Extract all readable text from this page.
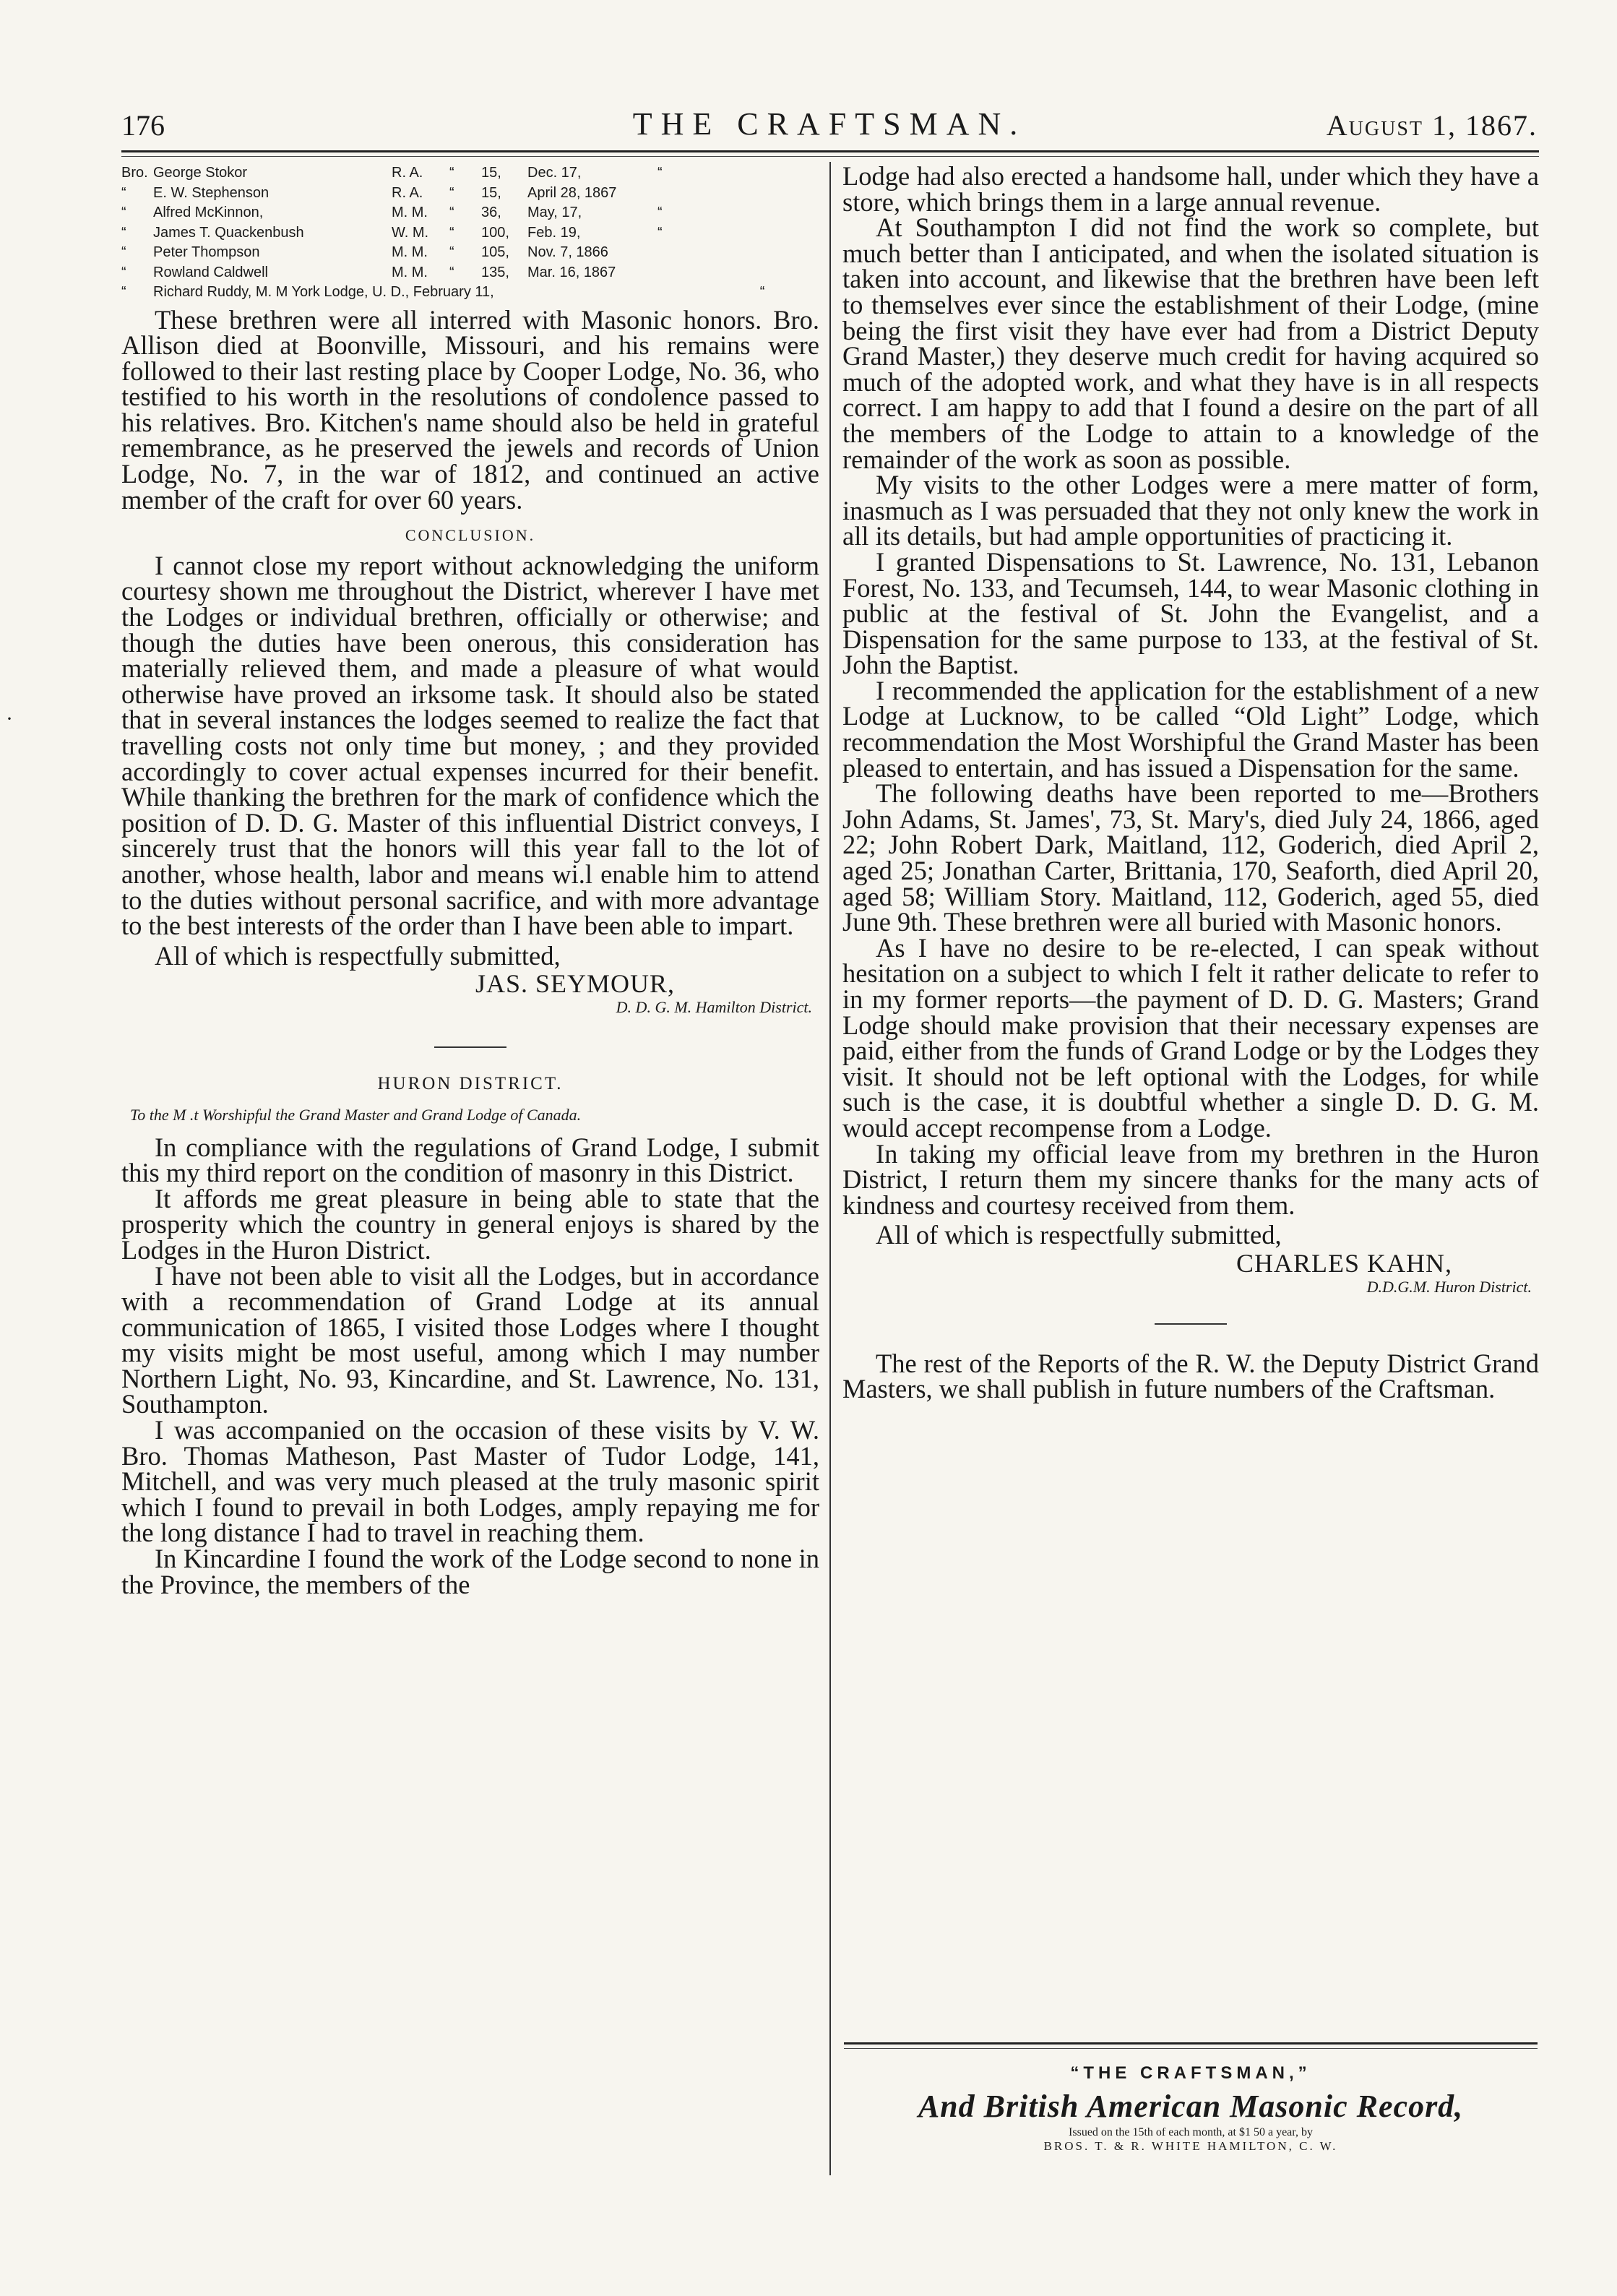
176	THE CRAFTSMAN.	August 1, 1867.
·
Bro. George Stokor	R. A.	“	15,	Dec. 17,	“
“	E. W. Stephenson	R. A.	“	15,	April 28, 1867
“	Alfred McKinnon,	M. M.	“	36,	May, 17,	“
“	James T. Quackenbush	W. M.	“	100,	Feb. 19,	“
“	Peter Thompson	M. M.	“	105,	Nov. 7, 1866
“	Rowland Caldwell	M. M.	“	135,	Mar. 16, 1867
“	Richard Ruddy, M. M York Lodge, U. D., February 11,	“

These brethren were all interred with Masonic honors. Bro. Allison died at Boonville, Missouri, and his remains were followed to their last resting place by Cooper Lodge, No. 36, who testified to his worth in the resolutions of condolence passed to his relatives. Bro. Kitchen's name should also be held in grateful remembrance, as he preserved the jewels and records of Union Lodge, No. 7, in the war of 1812, and continued an active member of the craft for over 60 years.

CONCLUSION.

I cannot close my report without acknowledging the uniform courtesy shown me throughout the District, wherever I have met the Lodges or individual brethren, officially or otherwise; and though the duties have been onerous, this consideration has materially relieved them, and made a pleasure of what would otherwise have proved an irksome task. It should also be stated that in several instances the lodges seemed to realize the fact that travelling costs not only time but money, ; and they provided accordingly to cover actual expenses incurred for their benefit. While thanking the brethren for the mark of confidence which the position of D. D. G. Master of this influential District conveys, I sincerely trust that the honors will this year fall to the lot of another, whose health, labor and means wi.l enable him to attend to the duties without personal sacrifice, and with more advantage to the best interests of the order than I have been able to impart.

All of which is respectfully submitted,

JAS. SEYMOUR,
D. D. G. M. Hamilton District.
HURON DISTRICT.

To the M .t Worshipful the Grand Master and Grand Lodge of Canada.

In compliance with the regulations of Grand Lodge, I submit this my third report on the condition of masonry in this District.

It affords me great pleasure in being able to state that the prosperity which the country in general enjoys is shared by the Lodges in the Huron District.

I have not been able to visit all the Lodges, but in accordance with a recommendation of Grand Lodge at its annual communication of 1865, I visited those Lodges where I thought my visits might be most useful, among which I may number Northern Light, No. 93, Kincardine, and St. Lawrence, No. 131, Southampton.

I was accompanied on the occasion of these visits by V. W. Bro. Thomas Matheson, Past Master of Tudor Lodge, 141, Mitchell, and was very much pleased at the truly masonic spirit which I found to prevail in both Lodges, amply repaying me for the long distance I had to travel in reaching them.

In Kincardine I found the work of the Lodge second to none in the Province, the members of the

Lodge had also erected a handsome hall, under which they have a store, which brings them in a large annual revenue.

At Southampton I did not find the work so complete, but much better than I anticipated, and when the isolated situation is taken into account, and likewise that the brethren have been left to themselves ever since the establishment of their Lodge, (mine being the first visit they have ever had from a District Deputy Grand Master,) they deserve much credit for having acquired so much of the adopted work, and what they have is in all respects correct. I am happy to add that I found a desire on the part of all the members of the Lodge to attain to a knowledge of the remainder of the work as soon as possible.

My visits to the other Lodges were a mere matter of form, inasmuch as I was persuaded that they not only knew the work in all its details, but had ample opportunities of practicing it.

I granted Dispensations to St. Lawrence, No. 131, Lebanon Forest, No. 133, and Tecumseh, 144, to wear Masonic clothing in public at the festival of St. John the Evangelist, and a Dispensation for the same purpose to 133, at the festival of St. John the Baptist.

I recommended the application for the establishment of a new Lodge at Lucknow, to be called “Old Light” Lodge, which recommendation the Most Worshipful the Grand Master has been pleased to entertain, and has issued a Dispensation for the same.

The following deaths have been reported to me—Brothers John Adams, St. James', 73, St. Mary's, died July 24, 1866, aged 22; John Robert Dark, Maitland, 112, Goderich, died April 2, aged 25; Jonathan Carter, Brittania, 170, Seaforth, died April 20, aged 58; William Story. Maitland, 112, Goderich, aged 55, died June 9th. These brethren were all buried with Masonic honors.

As I have no desire to be re-elected, I can speak without hesitation on a subject to which I felt it rather delicate to refer to in my former reports—the payment of D. D. G. Masters; Grand Lodge should make provision that their necessary expenses are paid, either from the funds of Grand Lodge or by the Lodges they visit. It should not be left optional with the Lodges, for while such is the case, it is doubtful whether a single D. D. G. M. would accept recompense from a Lodge.

In taking my official leave from my brethren in the Huron District, I return them my sincere thanks for the many acts of kindness and courtesy received from them.

All of which is respectfully submitted,

CHARLES KAHN,
D.D.G.M. Huron District.

The rest of the Reports of the R. W. the Deputy District Grand Masters, we shall publish in future numbers of the Craftsman.

“THE CRAFTSMAN,”
And British American Masonic Record,
Issued on the 15th of each month, at $1 50 a year, by
BROS. T. & R. WHITE HAMILTON, C. W.
